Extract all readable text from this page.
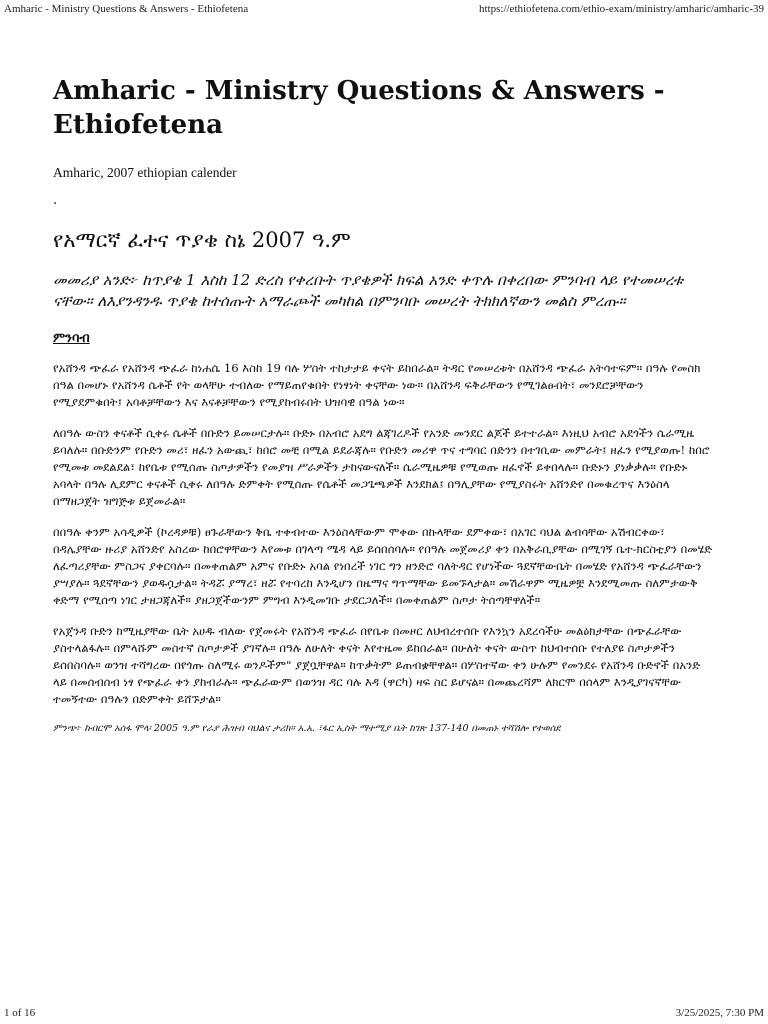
Amharic - Ministry Questions & Answers - Ethiofetena	https://ethiofetena.com/ethio-exam/ministry/amharic/amharic-39
Amharic - Ministry Questions & Answers - Ethiofetena
Amharic, 2007 ethiopian calender
.
የአማርኛ ፈተና ጥያቄ ስኔ 2007 ዓ.ም
መመሪያ አንድ፦ ከጥያቄ 1 እስከ 12 ድረስ የቀረቡት ጥያቄዎች ክፍል አንድ ቀጥሉ በቀረበው ምንባብ ላይ የተመሠረቱ ናቸው። ለእያንዳንዱ ጥያቄ ከተሰጡት አማራጮች መካከል በምንባቡ መሠረት ትክክለኛውን መልስ ምረጡ።
ምንባብ
የአሸንዳ ጭፈራ የአሸንዳ ጭፈራ ከነሐሴ 16 እስከ 19 ባሉ ሦስት ተከታታይ ቀናት ይከበራል። ትዳር የመሠረቱት በአሸንዳ ጭፈራ አትሳተፍም። በዓሉ የመስክ በዓል በመሆኑ የአሸንዳ ሴቶች የት ወላቸሁ ተብለው የማይጠየቁበት የነፃነት ቀናቸው ነው። በአሸንዳ ፍቅራቸውን የሚገልፁበት፣ መንደሮቻቸውን የሚያደምቁበት፤ አባቶቻቸውን እና እናቶቻቸውን የሚያከብሩበት ህዝባዊ በዓል ነው።
ለበዓሉ ውስን ቀናቶች ሲቀሩ ሴቶች በቡድን ይመሠርታሉ። ቡድኑ በአብሮ አደግ ልጃገረዶች የአንድ መንደር ልጆች ይተተራል። እነዚህ አብሮ አደጎችን ሴራሚዜ ይባለሉ። በቡድንም የቡድን መሪ፣ ዘፈን አውጪ፣ ከበሮ መቺ በሚል ይደራጃሉ። የቡድን መሪዋ ጥና ተግባር በድንን በተገቢው መምራት፤ ዘፈን የሚያወጡ! ከበሮ የሚመቱ መደልደል፣ ከየቤቱ የሚሰጡ ስጦታዎችን የመያዝ ሥራዎችን ታከናውናለች። ሴራሚዜዎቹ የሚወጡ ዘፈኖች ይቀበላሉ። ቡድኑን ያነቃቃሉ። የቡድኑ አባላት በዓሉ ሊደምር ቀናቶች ሲቀሩ ለበዓሉ ድምቀት የሚሰጡ የሴቶች መጋጌጫዎች እንደክል፤ በዓሊያቸው የሚያስሩት አሸንድየ በመቁረጥና እንዕስላ በማዘጋጀት ዝግጅቱ ይጀመራል።
በበዓሉ ቀንም አሳዲዎች (ኮረዳዎቹ) ፀጉራቸውን ቅቤ ተቀብተው እንዕስላቸውም ሞቀው በኩላቸው ደምቀው፣ በአገር ባህል ልብሳቸው አሽብርቀው፣ በዳሌያቸው ዙሪያ አሸንድየ አስረው ከበሮዋቸውን እየመቱ በገላጣ ሜዳ ላይ ይሰበሰባሉ። የበዓሉ መጀመሪያ ቀን በአቅራቢያቸው በሚገኝ ቤተ-ክርስቲያን በመሄድ ለፈጣሪያቸው ምስጋና ያቀርባሉ። በመቀጠልም አምና የቡድኑ አባል የነበረች ነገር ግን ዘንድሮ ባለትዳር የሆነችው ጓደኛቸውቤት በመሄድ የአሸንዳ ጭፈራቸውን ያሣያሉ። ጓደኛቸውን ያወዱሷታል። ትዳሯ ያማረ፣ ዘሯ የተባረከ እንዲሆን በዜማና ግጥማቸው ይመኙላታል። መሽራዋም ሚዜዎቿ እንደሚመጡ ስለምታውቅ ቀድማ የሚሰጣ ነገር ታዘጋጃለች። ያዘጋጀችውንም ምግብ እንዲመገቡ ታደርጋለች። በመቀጠልም ስጦታ ትሰጣቸዋለች።
የአጀንዳ ቡድን ከሚዜያቸው ቤት አሀዱ ብለው የጀመሩት የአሸንዳ ጭፈራ በየቤቱ በመዞር ለህብረተሰቡ የእንኳን አደረሳችሁ መልዕክታቸው በጭፈራቸው ያስተላልፋሉ። በምላሹም መስተኛ ስጦታዎች ያገኛሉ። በዓሉ ለሁለት ቀናት እየተዜመ ይከበራል። በሁለት ቀናት ውስጥ ከህብተሰቡ የተለያዩ ስጦታዎችን ይሰበስባሉ። ወንዝ ተሻግረው በየጎጡ ስለሚሩ ወንዶችም" ያጀቧቸዋል። ከጥቃትም ይጠብቋቸዋል። በሦስተኛው ቀን ሁሉም የመንደሩ የአሸንዳ ቡድኖች በአንድ ላይ በመሰብሰብ ነፃ የጭፈራ ቀን ያከብራሉ። ጭፈራውም በወንዝ ዳር ባሉ እዳ (ዋርካ) ዛፍ ስር ይሆናል። በመጨረሻም ለክርሞ በሰላም እንዲያገናኛቸው ተመኝተው በዓሉን በድምቀት ይሸኙታል።
ምንጭ፦ ከብርሞ አሰፋ ሞላ፡ 2005 ዓ.ም የራያ ሕዝብ ባህልና ታሪክ። አ.አ. ፣ፋር ኢስት ማተሚያ ቤት ከገጽ 137-140 በመጠኑ ተሻሽሎ የተወሰደ
1 of 16	3/25/2025, 7:30 PM
